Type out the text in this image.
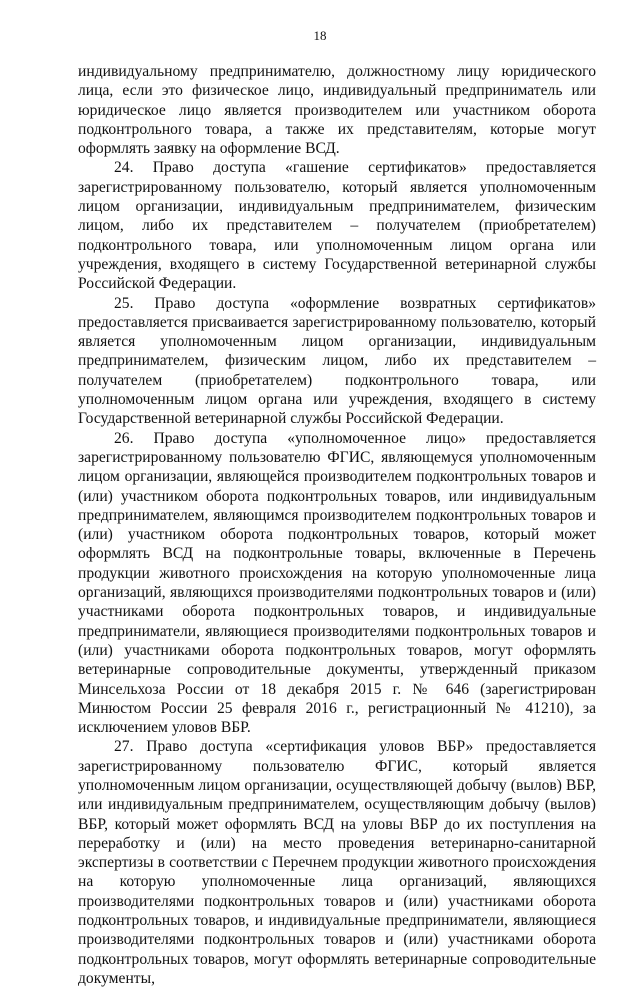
18

индивидуальному предпринимателю, должностному лицу юридического лица, если это физическое лицо, индивидуальный предприниматель или юридическое лицо является производителем или участником оборота подконтрольного товара, а также их представителям, которые могут оформлять заявку на оформление ВСД.

24. Право доступа «гашение сертификатов» предоставляется зарегистрированному пользователю, который является уполномоченным лицом организации, индивидуальным предпринимателем, физическим лицом, либо их представителем – получателем (приобретателем) подконтрольного товара, или уполномоченным лицом органа или учреждения, входящего в систему Государственной ветеринарной службы Российской Федерации.

25. Право доступа «оформление возвратных сертификатов» предоставляется присваивается зарегистрированному пользователю, который является уполномоченным лицом организации, индивидуальным предпринимателем, физическим лицом, либо их представителем – получателем (приобретателем) подконтрольного товара, или уполномоченным лицом органа или учреждения, входящего в систему Государственной ветеринарной службы Российской Федерации.

26. Право доступа «уполномоченное лицо» предоставляется зарегистрированному пользователю ФГИС, являющемуся уполномоченным лицом организации, являющейся производителем подконтрольных товаров и (или) участником оборота подконтрольных товаров, или индивидуальным предпринимателем, являющимся производителем подконтрольных товаров и (или) участником оборота подконтрольных товаров, который может оформлять ВСД на подконтрольные товары, включенные в Перечень продукции животного происхождения на которую уполномоченные лица организаций, являющихся производителями подконтрольных товаров и (или) участниками оборота подконтрольных товаров, и индивидуальные предприниматели, являющиеся производителями подконтрольных товаров и (или) участниками оборота подконтрольных товаров, могут оформлять ветеринарные сопроводительные документы, утвержденный приказом Минсельхоза России от 18 декабря 2015 г. № 646 (зарегистрирован Минюстом России 25 февраля 2016 г., регистрационный № 41210), за исключением уловов ВБР.

27. Право доступа «сертификация уловов ВБР» предоставляется зарегистрированному пользователю ФГИС, который является уполномоченным лицом организации, осуществляющей добычу (вылов) ВБР, или индивидуальным предпринимателем, осуществляющим добычу (вылов) ВБР, который может оформлять ВСД на уловы ВБР до их поступления на переработку и (или) на место проведения ветеринарно-санитарной экспертизы в соответствии с Перечнем продукции животного происхождения на которую уполномоченные лица организаций, являющихся производителями подконтрольных товаров и (или) участниками оборота подконтрольных товаров, и индивидуальные предприниматели, являющиеся производителями подконтрольных товаров и (или) участниками оборота подконтрольных товаров, могут оформлять ветеринарные сопроводительные документы,
